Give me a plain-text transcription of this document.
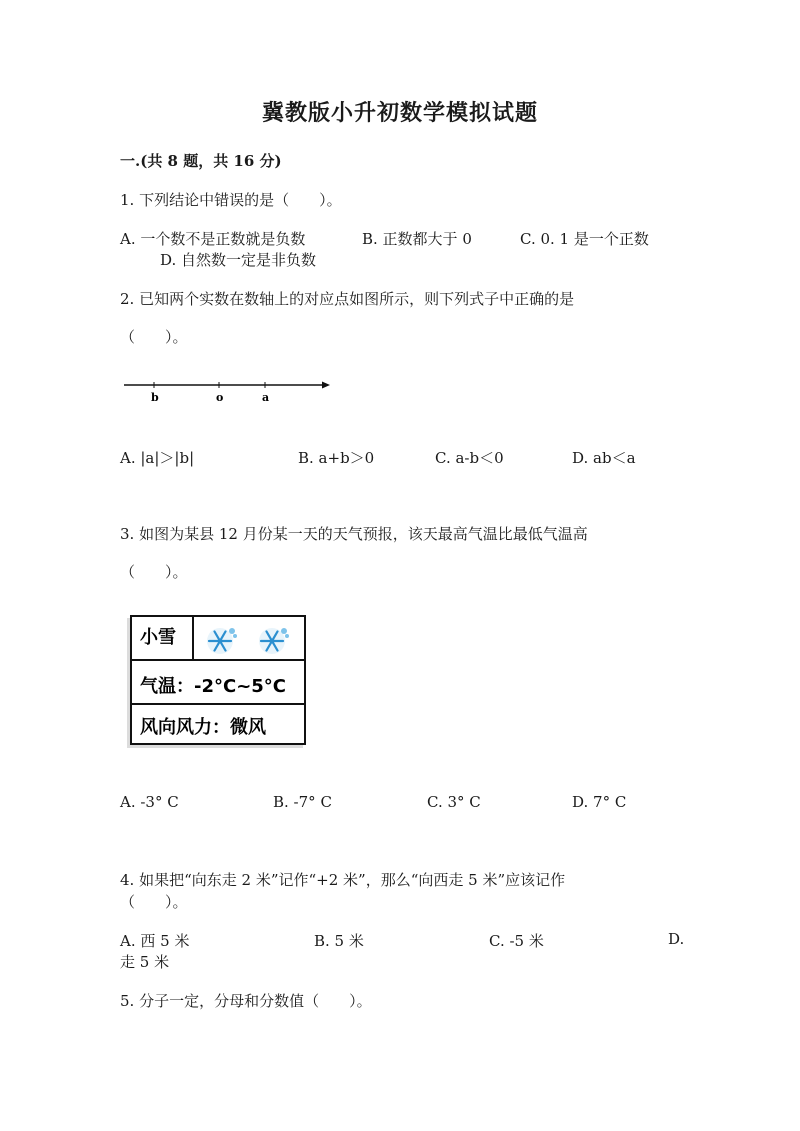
冀教版小升初数学模拟试题
一.(共 8 题，共 16 分)
1. 下列结论中错误的是（　　）。
A. 一个数不是正数就是负数	B. 正数都大于 0	C. 0. 1 是一个正数
D. 自然数一定是非负数
2. 已知两个实数在数轴上的对应点如图所示，则下列式子中正确的是
（　　）。
b	o	a
A. |a|＞|b|	B. a+b＞0	C. a-b＜0	D. ab＜a
3. 如图为某县 12 月份某一天的天气预报，该天最高气温比最低气温高
（　　）。
小雪
气温：-2°C~5°C
风向风力：微风
A. -3° C	B. -7° C	C. 3° C	D. 7° C
4. 如果把“向东走 2 米”记作“+2 米”，那么“向西走 5 米”应该记作
（　　）。
A. 西 5 米	B. 5 米	C. -5 米	D.
走 5 米
5. 分子一定，分母和分数值（　　）。
